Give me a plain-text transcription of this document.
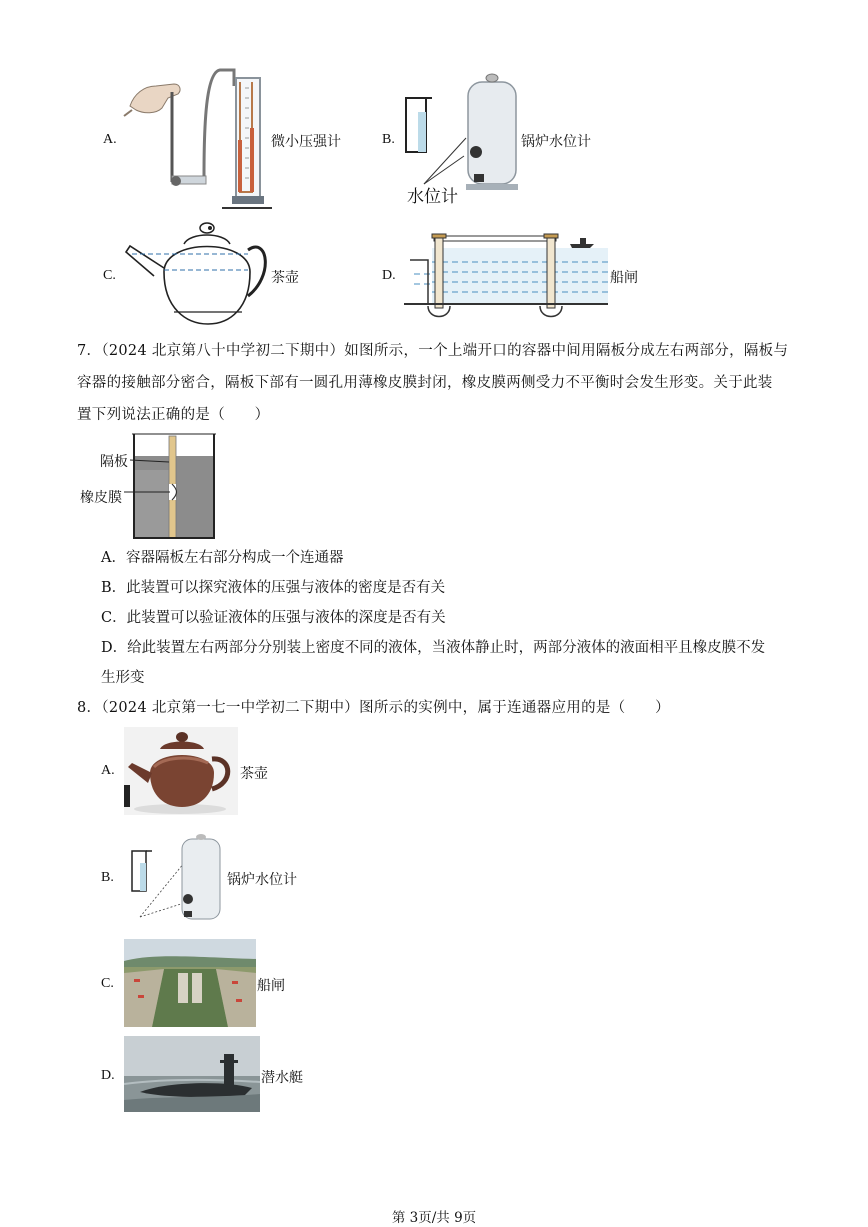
A.	微小压强计	B.
水位计
锅炉水位计
C.	茶壶	D.	船闸
7．（2024 北京第八十中学初二下期中）如图所示，一个上端开口的容器中间用隔板分成左右两部分，隔板与
容器的接触部分密合，隔板下部有一圆孔用薄橡皮膜封闭，橡皮膜两侧受力不平衡时会发生形变。关于此装
置下列说法正确的是（　　）
隔板
橡皮膜
A．容器隔板左右部分构成一个连通器
B．此装置可以探究液体的压强与液体的密度是否有关
C．此装置可以验证液体的压强与液体的深度是否有关
D．给此装置左右两部分分别装上密度不同的液体，当液体静止时，两部分液体的液面相平且橡皮膜不发
生形变
8．（2024 北京第一七一中学初二下期中）图所示的实例中，属于连通器应用的是（　　）
A.	茶壶
B.	锅炉水位计
C.	船闸
D.	潜水艇
第 3页/共 9页
